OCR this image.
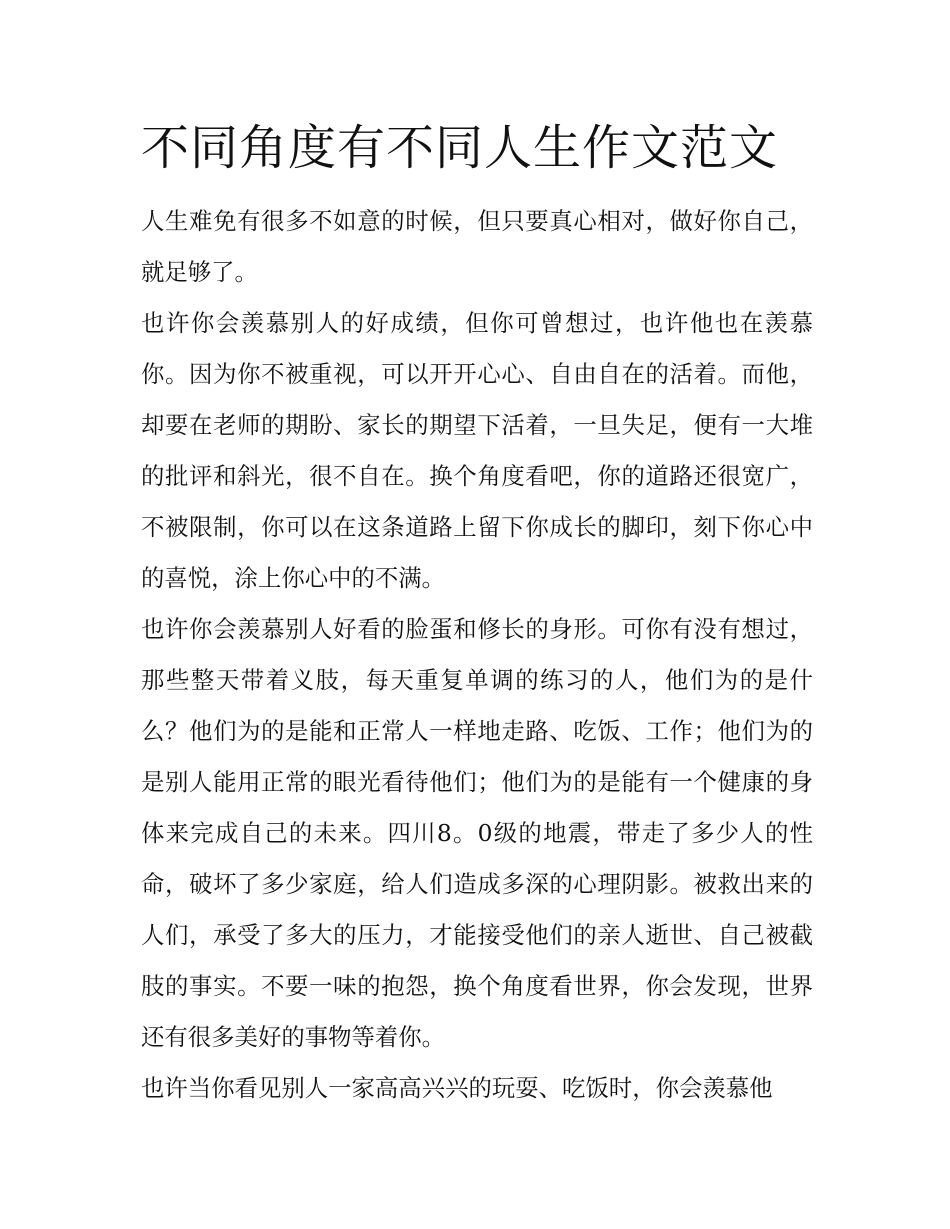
不同角度有不同人生作文范文

人生难免有很多不如意的时候，但只要真心相对，做好你自己，就足够了。

也许你会羡慕别人的好成绩，但你可曾想过，也许他也在羡慕你。因为你不被重视，可以开开心心、自由自在的活着。而他，却要在老师的期盼、家长的期望下活着，一旦失足，便有一大堆的批评和斜光，很不自在。换个角度看吧，你的道路还很宽广，不被限制，你可以在这条道路上留下你成长的脚印，刻下你心中的喜悦，涂上你心中的不满。

也许你会羡慕别人好看的脸蛋和修长的身形。可你有没有想过，那些整天带着义肢，每天重复单调的练习的人，他们为的是什么？他们为的是能和正常人一样地走路、吃饭、工作；他们为的是别人能用正常的眼光看待他们；他们为的是能有一个健康的身体来完成自己的未来。四川8。0级的地震，带走了多少人的性命，破坏了多少家庭，给人们造成多深的心理阴影。被救出来的人们，承受了多大的压力，才能接受他们的亲人逝世、自己被截肢的事实。不要一味的抱怨，换个角度看世界，你会发现，世界还有很多美好的事物等着你。

也许当你看见别人一家高高兴兴的玩耍、吃饭时，你会羡慕他
